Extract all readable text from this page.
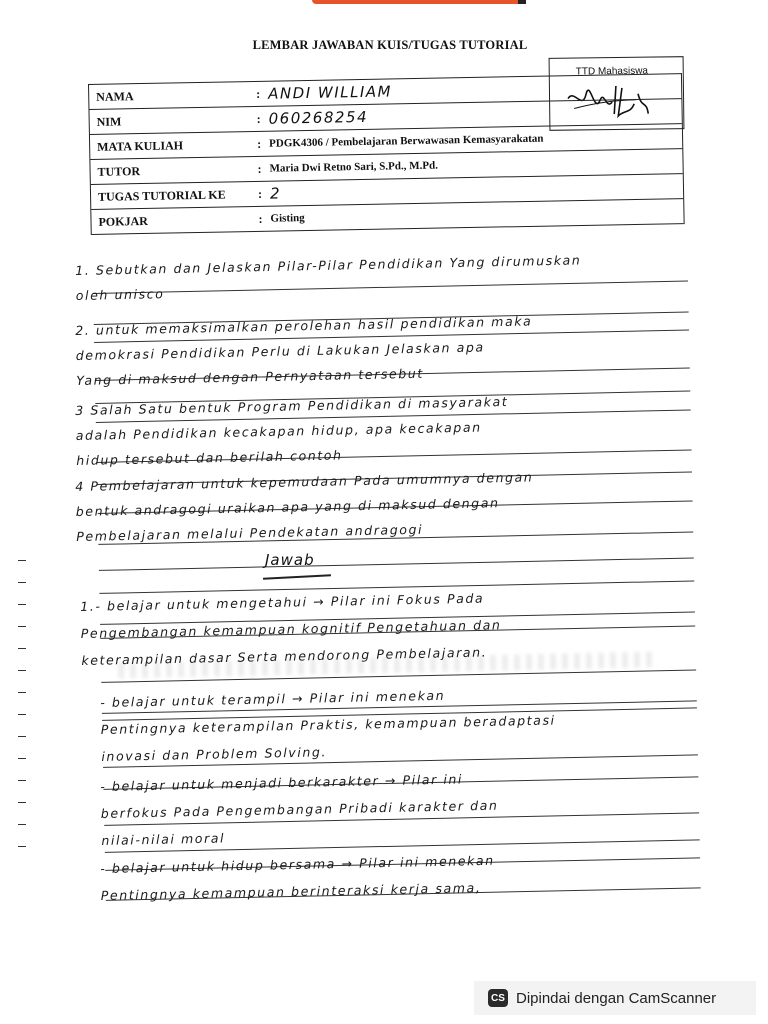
LEMBAR JAWABAN KUIS/TUGAS TUTORIAL
TTD Mahasiswa
NAMA	: ANDI WILLIAM
NIM	: 060268254
MATA KULIAH	: PDGK4306 / Pembelajaran Berwawasan Kemasyarakatan
TUTOR	: Maria Dwi Retno Sari, S.Pd., M.Pd.
TUGAS TUTORIAL KE	: 2
POKJAR	: Gisting
1. Sebutkan dan Jelaskan Pilar-Pilar Pendidikan Yang dirumuskan
oleh unisco
2. untuk memaksimalkan perolehan hasil pendidikan maka
demokrasi Pendidikan Perlu di Lakukan Jelaskan apa
Yang di maksud dengan Pernyataan tersebut
3 Salah Satu bentuk Program Pendidikan di masyarakat
adalah Pendidikan kecakapan hidup, apa kecakapan
hidup tersebut dan berilah contoh
4 Pembelajaran untuk kepemudaan Pada umumnya dengan
bentuk andragogi uraikan apa yang di maksud dengan
Pembelajaran melalui Pendekatan andragogi
1.- belajar untuk mengetahui → Pilar ini Fokus Pada
Pengembangan kemampuan kognitif Pengetahuan dan
keterampilan dasar Serta mendorong Pembelajaran.
- belajar untuk terampil → Pilar ini menekan
Pentingnya keterampilan Praktis, kemampuan beradaptasi
inovasi dan Problem Solving.
- belajar untuk menjadi berkarakter → Pilar ini
berfokus Pada Pengembangan Pribadi karakter dan
nilai-nilai moral
- belajar untuk hidup bersama → Pilar ini menekan
Pentingnya kemampuan berinteraksi kerja sama,
Jawab
CS Dipindai dengan CamScanner
